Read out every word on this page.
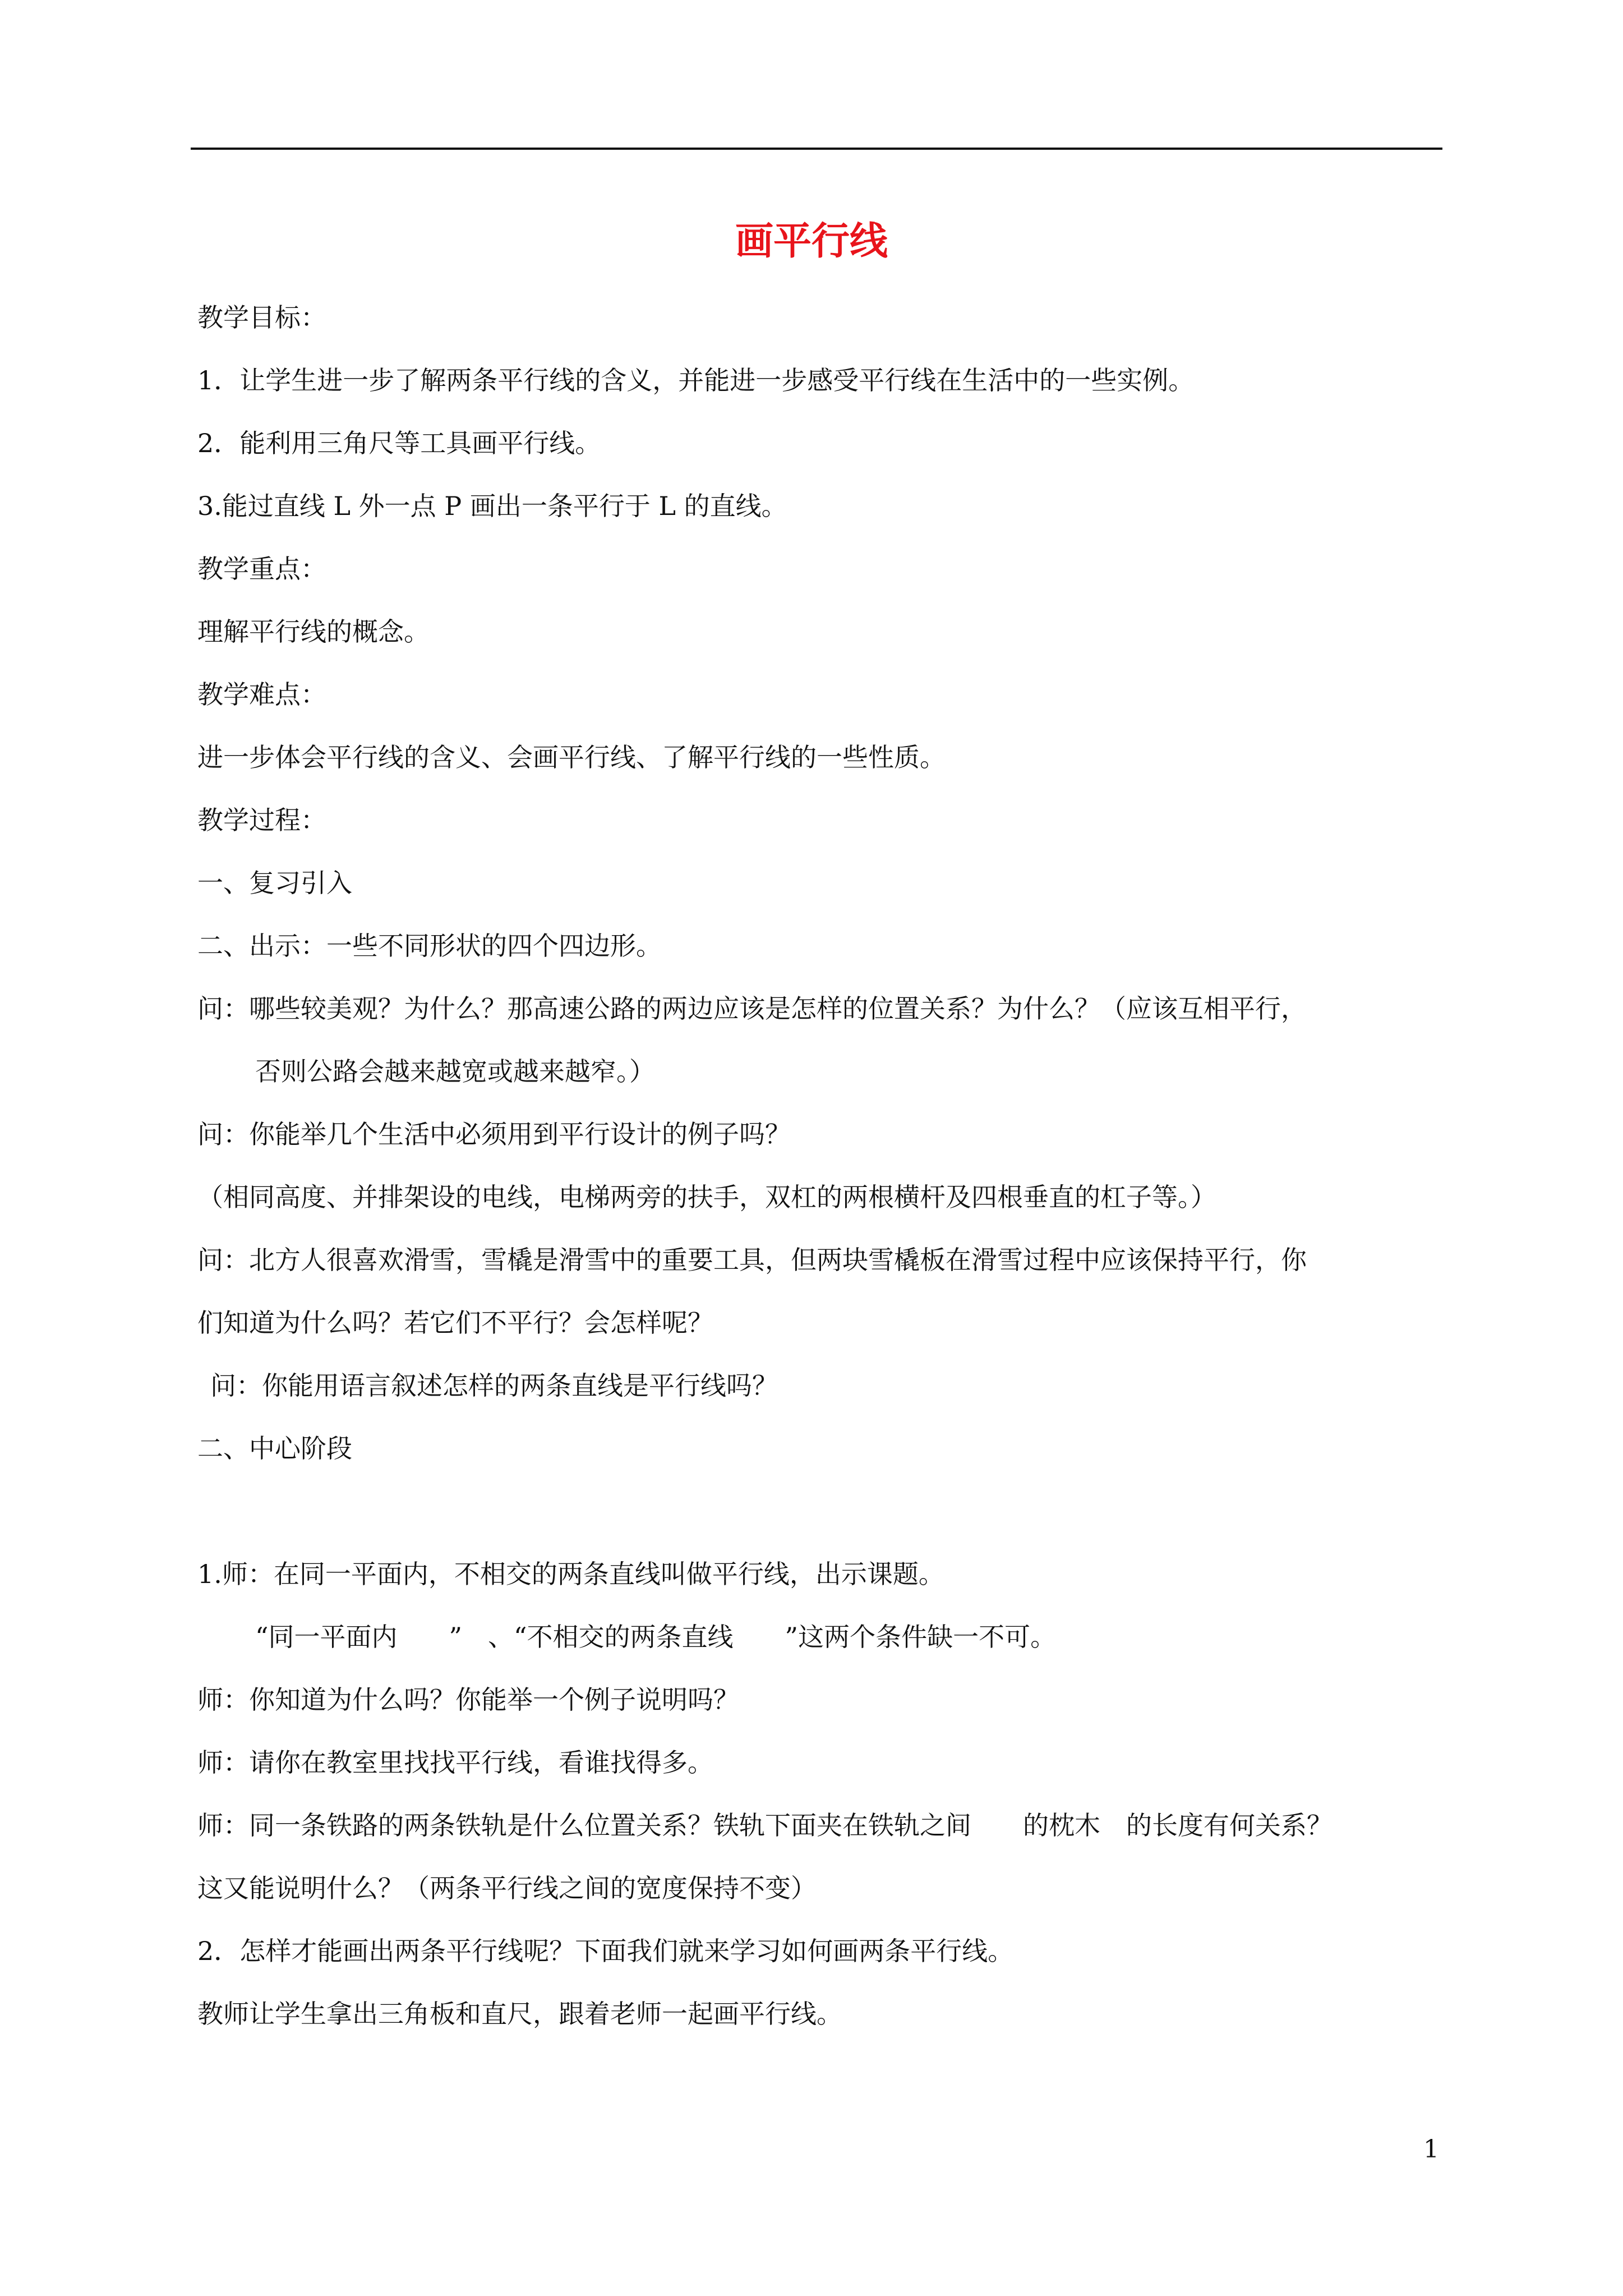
画平行线
教学目标：
1．让学生进一步了解两条平行线的含义，并能进一步感受平行线在生活中的一些实例。
2．能利用三角尺等工具画平行线。
3.能过直线 L 外一点 P 画出一条平行于 L 的直线。
教学重点：
理解平行线的概念。
教学难点：
进一步体会平行线的含义、会画平行线、了解平行线的一些性质。
教学过程：
一、复习引入
二、出示：一些不同形状的四个四边形。
问：哪些较美观？为什么？那高速公路的两边应该是怎样的位置关系？为什么？（应该互相平行，
否则公路会越来越宽或越来越窄。）
问：你能举几个生活中必须用到平行设计的例子吗？
（相同高度、并排架设的电线，电梯两旁的扶手，双杠的两根横杆及四根垂直的杠子等。）
问：北方人很喜欢滑雪，雪橇是滑雪中的重要工具，但两块雪橇板在滑雪过程中应该保持平行，你
们知道为什么吗？若它们不平行？会怎样呢？
问：你能用语言叙述怎样的两条直线是平行线吗？
二、中心阶段
1.师：在同一平面内，不相交的两条直线叫做平行线，出示课题。
“同一平面内　　”　、“不相交的两条直线　　”这两个条件缺一不可。
师：你知道为什么吗？你能举一个例子说明吗？
师：请你在教室里找找平行线，看谁找得多。
师：同一条铁路的两条铁轨是什么位置关系？铁轨下面夹在铁轨之间　　的枕木　的长度有何关系？
这又能说明什么？（两条平行线之间的宽度保持不变）
2．怎样才能画出两条平行线呢？下面我们就来学习如何画两条平行线。
教师让学生拿出三角板和直尺，跟着老师一起画平行线。
1
